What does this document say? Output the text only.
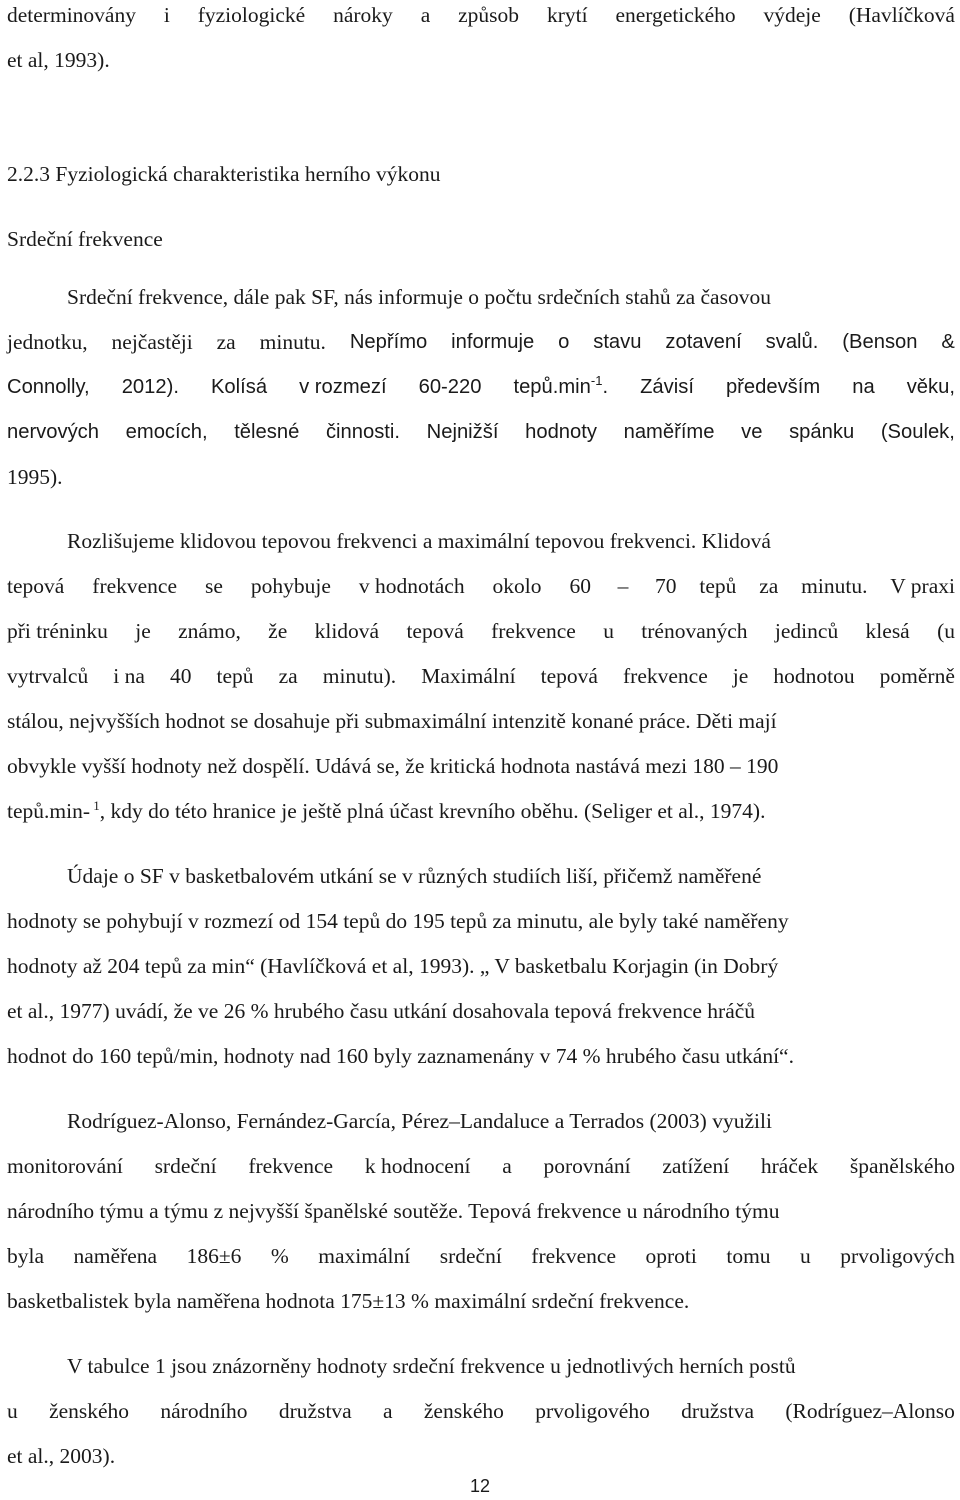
determinovány i fyziologické nároky a způsob krytí energetického výdeje (Havlíčková
et al, 1993).
2.2.3 Fyziologická charakteristika herního výkonu
Srdeční frekvence
Srdeční frekvence, dále pak SF, nás informuje o počtu srdečních stahů za časovou
jednotku, nejčastěji za minutu. Nepřímo informuje o stavu zotavení svalů. (Benson &
Connolly, 2012). Kolísá v rozmezí 60-220 $tepů.\min^{-1}$. Závisí především na věku,
nervových emocích, tělesné činnosti. Nejnižší hodnoty naměříme ve spánku (Soulek,
1995).
Rozlišujeme klidovou tepovou frekvenci a maximální tepovou frekvenci. Klidová
tepová frekvence se pohybuje v hodnotách okolo 60	–	70 tepů za minutu. V praxi
při tréninku je známo, že klidová tepová frekvence u trénovaných jedinců klesá (u
vytrvalců i na 40 tepů za minutu). Maximální tepová frekvence je hodnotou poměrně
stálou, nejvyšších hodnot se dosahuje při submaximální intenzitě konané práce. Děti mají
obvykle vyšší hodnoty než dospělí. Udává se, že kritická hodnota nastává mezi 180 – 190
tepů.min- $^1$, kdy do této hranice je ještě plná účast krevního oběhu. (Seliger et al., 1974).
Údaje o SF v basketbalovém utkání se v různých studiích liší, přičemž naměřené
hodnoty se pohybují v rozmezí od 154 tepů do 195 tepů za minutu, ale byly také naměřeny
hodnoty až 204 tepů za min“ (Havlíčková et al, 1993). „ V basketbalu Korjagin (in Dobrý
et al., 1977) uvádí, že ve 26 % hrubého času utkání dosahovala tepová frekvence hráčů
hodnot do 160 tepů/min, hodnoty nad 160 byly zaznamenány v 74 % hrubého času utkání“.
Rodríguez-Alonso, Fernández-García, Pérez–Landaluce a Terrados (2003) využili
monitorování srdeční frekvence k hodnocení a porovnání zatížení hráček španělského
národního týmu a týmu z nejvyšší španělské soutěže. Tepová frekvence u národního týmu
byla naměřena 186±6 % maximální srdeční frekvence oproti tomu u prvoligových
basketbalistek byla naměřena hodnota 175±13 % maximální srdeční frekvence.
V tabulce 1 jsou znázorněny hodnoty srdeční frekvence u jednotlivých herních postů
u ženského národního družstva a ženského prvoligového družstva (Rodríguez–Alonso
et al., 2003).
12
